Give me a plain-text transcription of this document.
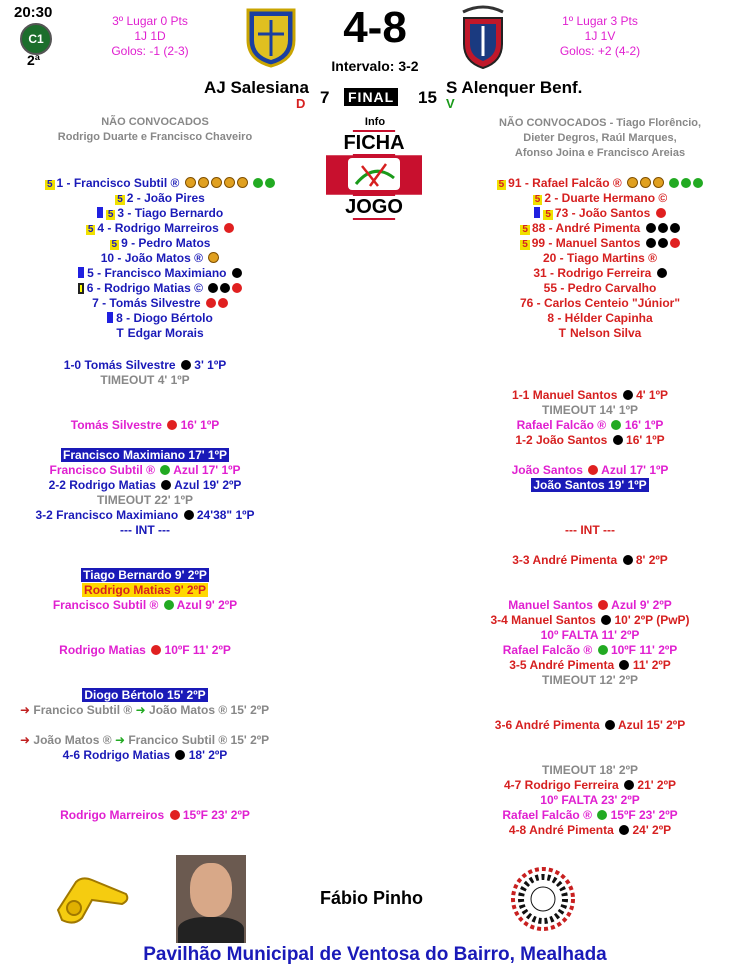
20:30
C1
2ª
3º Lugar 0 Pts
1J 1D
Golos: -1 (2-3)	4-8
Intervalo: 3-2
1º Lugar 3 Pts
1J 1V
Golos: +2 (4-2)
AJ Salesiana	S Alenquer Benf.
D 7 FINAL 15 V
NÃO CONVOCADOS
Rodrigo Duarte e Francisco Chaveiro
Info
FICHA
JOGO
NÃO CONVOCADOS - Tiago Florêncio,
Dieter Degros, Raúl Marques,
Afonso Joina e Francisco Areias
5 1 - Francisco Subtil ®
5 2 - João Pires
5 3 - Tiago Bernardo
5 4 - Rodrigo Marreiros
5 9 - Pedro Matos
10 - João Matos ®
5 - Francisco Maximiano
6 - Rodrigo Matias ©
7 - Tomás Silvestre
8 - Diogo Bértolo
T Edgar Morais
5 91 - Rafael Falcão ®
5 2 - Duarte Hermano ©
5 73 - João Santos
5 88 - André Pimenta
5 99 - Manuel Santos
20 - Tiago Martins ®
31 - Rodrigo Ferreira
55 - Pedro Carvalho
76 - Carlos Centeio "Júnior"
8 - Hélder Capinha
T Nelson Silva
1-0 Tomás Silvestre 3' 1ºP
TIMEOUT 4' 1ºP
Tomás Silvestre 16' 1ºP
Francisco Maximiano 17' 1ºP
Francisco Subtil ® Azul 17' 1ºP
2-2 Rodrigo Matias Azul 19' 2ºP
TIMEOUT 22' 1ºP
3-2 Francisco Maximiano 24'38" 1ºP
--- INT ---
Tiago Bernardo 9' 2ºP
Rodrigo Matias 9' 2ºP
Francisco Subtil ® Azul 9' 2ºP
Rodrigo Matias 10ºF 11' 2ºP
Diogo Bértolo 15' 2ºP
➜ Francico Subtil ® ➜ João Matos ® 15' 2ºP
➜ João Matos ® ➜ Francico Subtil ® 15' 2ºP
4-6 Rodrigo Matias 18' 2ºP
Rodrigo Marreiros 15ºF 23' 2ºP
1-1 Manuel Santos 4' 1ºP
TIMEOUT 14' 1ºP
Rafael Falcão ® 16' 1ºP
1-2 João Santos 16' 1ºP
João Santos Azul 17' 1ºP
João Santos 19' 1ºP
--- INT ---
3-3 André Pimenta 8' 2ºP
Manuel Santos Azul 9' 2ºP
3-4 Manuel Santos 10' 2ºP (PwP)
10º FALTA 11' 2ºP
Rafael Falcão ® 10ºF 11' 2ºP
3-5 André Pimenta 11' 2ºP
TIMEOUT 12' 2ºP
3-6 André Pimenta Azul 15' 2ºP
TIMEOUT 18' 2ºP
4-7 Rodrigo Ferreira 21' 2ºP
10º FALTA 23' 2ºP
Rafael Falcão ® 15ºF 23' 2ºP
4-8 André Pimenta 24' 2ºP
Fábio Pinho
Pavilhão Municipal de Ventosa do Bairro, Mealhada
